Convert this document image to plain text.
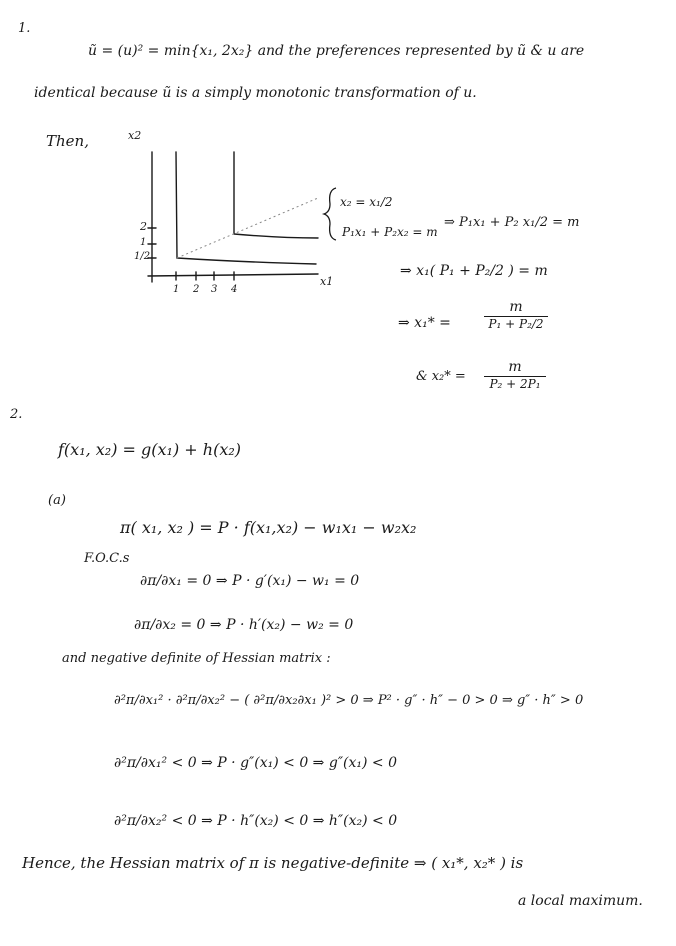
1.
ũ = (u)² = min{x₁, 2x₂} and the preferences represented by ũ & u are
identical because ũ is a simply monotonic transformation of u.
Then,	x2
x1
2
1
1/2
1 2 3 4
x₂ = x₁/2
P₁x₁ + P₂x₂ = m
⇒ P₁x₁ + P₂ x₁/2 = m
⇒ x₁( P₁ + P₂/2 ) = m
⇒ x₁* =
m
P₁ + P₂/2
& x₂* =
m
P₂ + 2P₁
2.
f(x₁, x₂) = g(x₁) + h(x₂)
(a)
π( x₁, x₂ ) = P · f(x₁,x₂) − w₁x₁ − w₂x₂
F.O.C.s
∂π/∂x₁ = 0 ⇒ P · g′(x₁) − w₁ = 0
∂π/∂x₂ = 0 ⇒ P · h′(x₂) − w₂ = 0
and negative definite of Hessian matrix :
∂²π/∂x₁² · ∂²π/∂x₂² − ( ∂²π/∂x₂∂x₁ )² > 0 ⇒ P² · g″ · h″ − 0 > 0 ⇒ g″ · h″ > 0
∂²π/∂x₁² < 0 ⇒ P · g″(x₁) < 0 ⇒ g″(x₁) < 0
∂²π/∂x₂² < 0 ⇒ P · h″(x₂) < 0 ⇒ h″(x₂) < 0
Hence, the Hessian matrix of π is negative-definite ⇒ ( x₁*, x₂* ) is
a local maximum.
